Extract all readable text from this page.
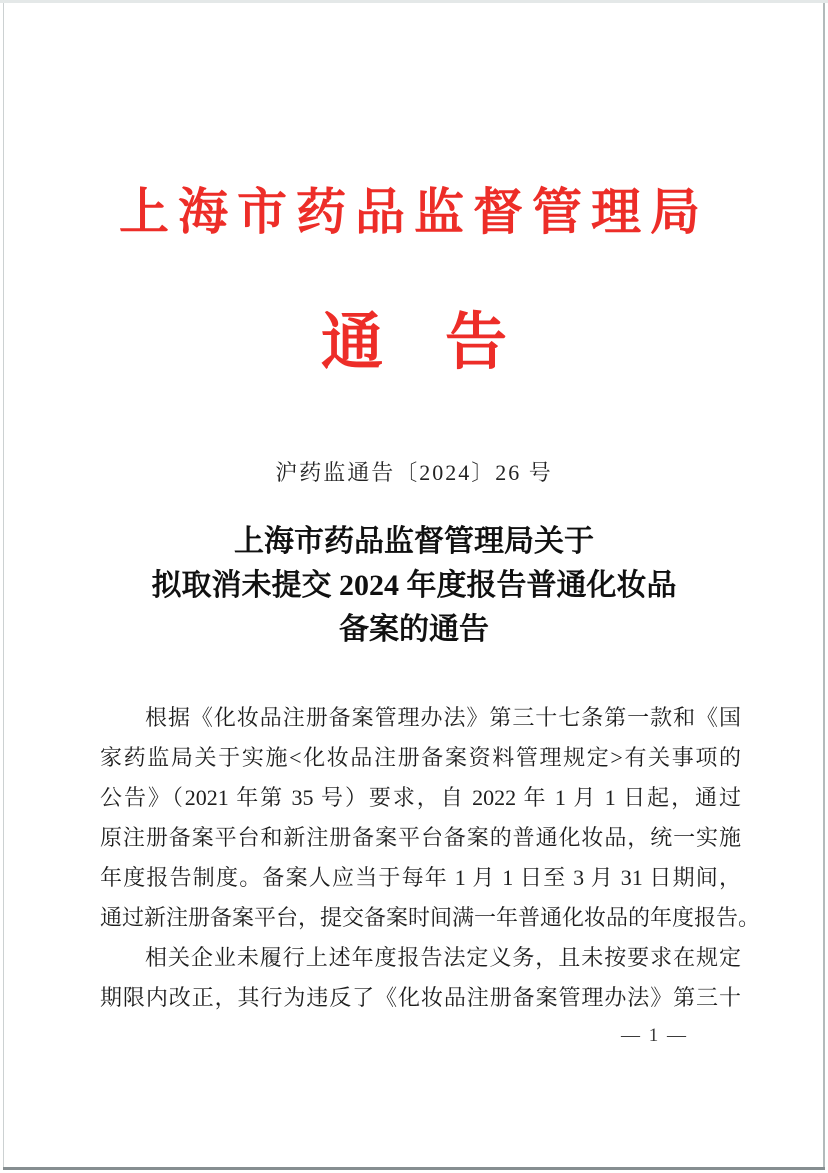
上海市药品监督管理局
通　告
沪药监通告〔2024〕26 号
上海市药品监督管理局关于
拟取消未提交 2024 年度报告普通化妆品
备案的通告
根据《化妆品注册备案管理办法》第三十七条第一款和《国
家药监局关于实施<化妆品注册备案资料管理规定>有关事项的
公告》（2021 年第 35 号）要求，自 2022 年 1 月 1 日起，通过
原注册备案平台和新注册备案平台备案的普通化妆品，统一实施
年度报告制度。备案人应当于每年 1 月 1 日至 3 月 31 日期间，
通过新注册备案平台，提交备案时间满一年普通化妆品的年度报告。
相关企业未履行上述年度报告法定义务，且未按要求在规定
期限内改正，其行为违反了《化妆品注册备案管理办法》第三十
— 1 —
